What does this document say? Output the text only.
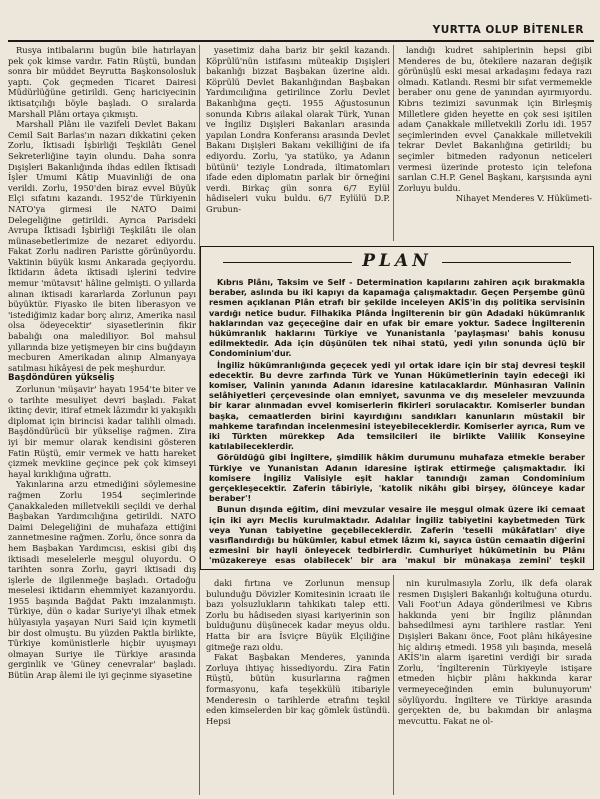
YURTTA OLUP BİTENLER

Rusya intibalarını bugün bile hatırlayan pek çok kimse vardır. Fatin Rüştü, bundan sonra bir müddet Beyrutta Başkonsolosluk yaptı. Çok geçmeden Ticaret Dairesi Müdürlüğüne getirildi. Genç hariciyecinin iktisatçılığı böyle başladı. O sıralarda Marshall Plânı ortaya çıkmıştı.

Marshall Plânı ile vazifeli Devlet Bakanı Cemil Sait Barlas'ın nazarı dikkatini çeken Zorlu, İktisadi İşbirliği Teşkilâtı Genel Sekreterliğine tayin olundu. Daha sonra Dışişleri Bakanlığında ihdas edilen İktisadi İşler Umumi Kâtip Muavinliği de ona verildi. Zorlu, 1950'den biraz evvel Büyük Elçi sıfatını kazandı. 1952'de Türkiyenin NATO'ya girmesi ile NATO Daimi Delegeliğine getirildi. Ayrıca Parisdeki Avrupa İktisadi İşbirliği Teşkilâtı ile olan münasebetlerimize de nezaret ediyordu. Fakat Zorlu nadiren Paristte görünüyordu. Vaktinin büyük kısmı Ankarada geçiyordu. İktidarın âdeta iktisadi işlerini tedvire memur 'mütavsıt' hâline gelmişti. O yıllarda alınan iktisadi kararlarda Zorlunun payı büyüktür. Fiyasko ile biten liberasyon ve 'istediğimiz kadar borç alırız, Amerika nasıl olsa ödeyecektir' siyasetlerinin fikir babalığı ona malediliyor. Bol mahsul yıllarında bize yetişmeyen bir cins buğdayın mecburen Amerikadan alınıp Almanyaya satılması hikâyesi de pek meşhurdur.

Başdöndüren yükseliş

Zorlunun 'müşavir' hayatı 1954'te biter ve o tarihte mesuliyet devri başladı. Fakat iktinç devir, itiraf etmek lâzımdır ki yakışıklı diplomat için birincisi kadar talihli olmadı. Başdöndürücü bir yükselişe rağmen. Zira iyi bir memur olarak kendisini gösteren Fatin Rüştü, emir vermek ve hattı hareket çizmek mevkiine geçince pek çok kimseyi hayal kırıklığına uğrattı.

Yakınlarına arzu etmediğini söylemesine rağmen Zorlu 1954 seçimlerinde Çanakkaleden milletvekili seçildi ve derhal Başbakan Yardımcılığına getirildi. NATO Daimi Delegeliğini de muhafaza ettiğini zannetmesine rağmen. Zorlu, önce sonra da hem Başbakan Yardımcısı, eskisi gibi dış iktisadi meselelerle meşgul oluyordu. O tarihten sonra Zorlu, gayri iktisadi dış işlerle de ilgilenmeğe başladı. Ortadoğu meselesi iktidarın ehemmiyet kazanıyordu. 1955 başında Bağdat Paktı imzalanmıştı. Türkiye, dün o kadar Suriye'yi ilhak etmek hülyasıyla yaşayan Nuri Said için kıymetli bir dost olmuştu. Bu yüzden Paktla birlikte, Türkiye komünistlerle hiçbir uyuşmayı olmayan Suriye ile Türkiye arasında gerginlik ve 'Güney cenevralar' başladı. Bütün Arap âlemi ile iyi geçinme siyasetine

yasetimiz daha bariz bir şekil kazandı. Köprülü'nün istifasını müteakip Dışişleri bakanlığı bizzat Başbakan üzerine aldı. Köprülü Devlet Bakanlığından Başbakan Yardımcılığına getirilince Zorlu Devlet Bakanlığına geçti. 1955 Ağustosunun sonunda Kıbrıs ailakal olarak Türk, Yunan ve İngiliz Dışişleri Bakanları arasında yapılan Londra Konferansı arasında Devlet Bakanı Dışişleri Bakanı vekilliğini de ifa ediyordu. Zorlu, 'ya statüko, ya Adanın bütünü' teziyle Londrada, iltimatomları ifade eden diplomatın parlak bir örneğini verdi. Birkaç gün sonra 6/7 Eylül hâdiseleri vuku buldu. 6/7 Eylülü D.P. Grubun-

landığı kudret sahiplerinin hepsi gibi Menderes de bu, ötekilere nazaran değişik görünüşlü eski mesai arkadaşını fedaya razı olmadı. Katlandı. Resmi bir sıfat vermemekle beraber onu gene de yanından ayırmıyordu. Kıbrıs tezimizi savunmak için Birleşmiş Milletlere giden heyette en çok sesi işitilen adam Çanakkale milletvekili Zorlu idi. 1957 seçimlerinden evvel Çanakkale milletvekili tekrar Devlet Bakanlığına getirildi; bu seçimler bitmeden radyonun neticeleri vermesi üzerinde protesto için telefona sarılan C.H.P. Genel Başkanı, karşısında ayni Zorluyu buldu.

Nihayet Menderes V. Hükümeti-

PLAN

Kıbrıs Plânı, Taksim ve Self - Determination kapılarını zahiren açık bırakmakla beraber, aslında bu iki kapıyı da kapamağa çalışmaktadır. Geçen Perşembe günü resmen açıklanan Plân etrafı bir şekilde inceleyen AKİS'in dış politika servisinin vardığı netice budur. Filhakika Plânda İngilterenin bir gün Adadaki hükümranlık haklarından vaz geçeceğine dair en ufak bir emare yoktur. Sadece İngilterenin hükümranlık haklarını Türkiye ve Yunanistanla 'paylaşması' bahis konusu edilmektedir. Ada için düşünülen tek nihai statü, yedi yılın sonunda üçlü bir Condominium'dur.

İngiliz hükümranlığında geçecek yedi yıl ortak idare için bir staj devresi teşkil edecektir. Bu devre zarfında Türk ve Yunan Hükümetlerinin tayin edeceği iki komiser, Valinin yanında Adanın idaresine katılacaklardır. Münhasıran Valinin selâhiyetleri çerçevesinde olan emniyet, savunma ve dış meseleler mevzuunda bir karar alınmadan evvel komiserlerin fikirleri sorulacaktır. Komiserler bundan başka, cemaatlerden birini kayırdığını sandıkları kanunların müstakil bir mahkeme tarafından incelenmesini isteyebileceklerdir. Komiserler ayrıca, Rum ve iki Türkten mürekkep Ada temsilcileri ile birlikte Valilik Konseyine katılabileceklerdir.

Görüldüğü gibi İngiltere, şimdilik hâkim durumunu muhafaza etmekle beraber Türkiye ve Yunanistan Adanın idaresine iştirak ettirmeğe çalışmaktadır. İki komisere İngiliz Valisiyle eşit haklar tanındığı zaman Condominium gerçekleşecektir. Zaferin tâbiriyle, 'katolik nikâhı gibi birşey, ölünceye kadar beraber'!

Bunun dışında eğitim, dini mevzular vesaire ile meşgul olmak üzere iki cemaat için iki ayrı Meclis kurulmaktadır. Adalılar İngiliz tabiyetini kaybetmeden Türk veya Yunan tabiyetine geçebileceklerdir. Zaferin 'teselli mükâfatları' diye vasıflandırdığı bu hükümler, kabul etmek lâzım ki, sayıca üstün cemaatin diğerini ezmesini bir hayli önleyecek tedbirlerdir. Cumhuriyet hükümetinin bu Plânı 'müzakereye esas olabilecek' bir ara 'makul bir münakaşa zemini' teşkil

daki fırtına ve Zorlunun mensup bulunduğu Dövizler Komitesinin icraatı ile bazı yolsuzlukların tahkikatı talep etti. Zorlu bu hâdiseden siyasi kariyerinin son bulduğunu düşünecek kadar meyus oldu. Hatta bir ara İsviçre Büyük Elçiliğine gitmeğe razı oldu.

Fakat Başbakan Menderes, yanında Zorluya ihtiyaç hissediyordu. Zira Fatin Rüştü, bütün kusurlarına rağmen formasyonu, kafa teşekkülü itibariyle Menderesin o tarihlerde etrafını teşkil eden kimselerden bir kaç gömlek üstündü. Hepsi

nin kurulmasıyla Zorlu, ilk defa olarak resmen Dışişleri Bakanlığı koltuğuna oturdu. Vali Foot'un Adaya gönderilmesi ve Kıbrıs hakkında yeni bir İngiliz plânından bahsedilmesi aynı tarihlere rastlar. Yeni Dışişleri Bakanı önce, Foot plânı hikâyesine hiç aldırış etmedi. 1958 yılı başında, meselâ AKİS'in alarm işaretini verdiği bir sırada Zorlu, 'İngilterenin Türkiyeyle istişare etmeden hiçbir plânı hakkında karar vermeyeceğinden emin bulunuyorum' söylüyordu. İngiltere ve Türkiye arasında gerçekten de, bu bakımdan bir anlaşma mevcuttu. Fakat ne ol-
